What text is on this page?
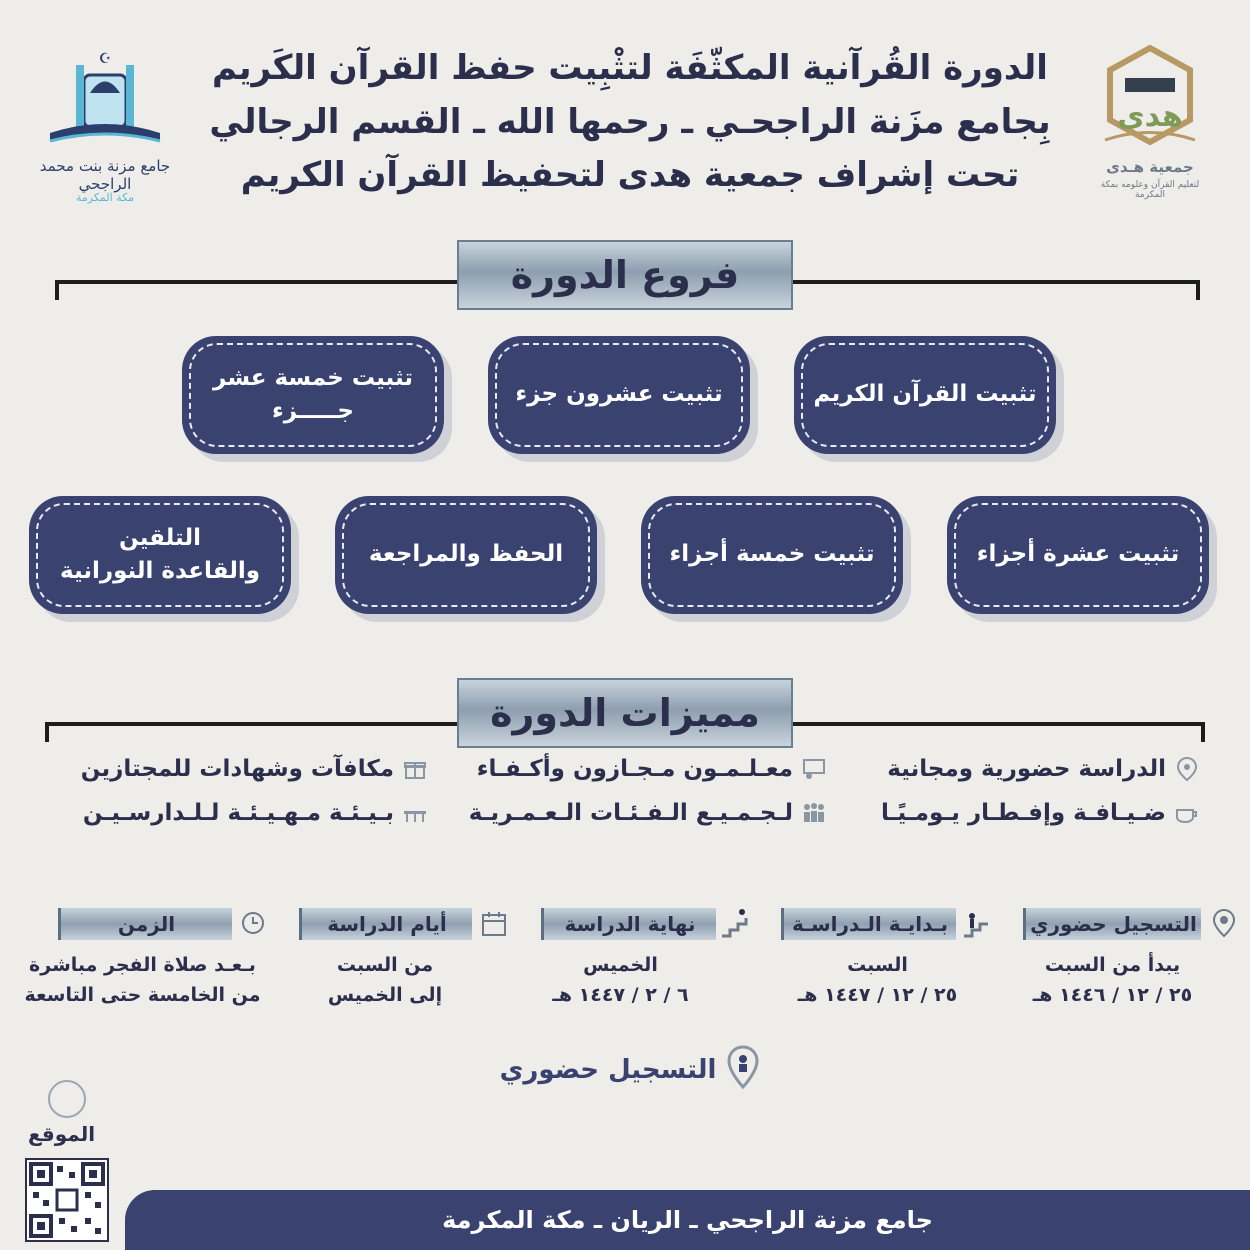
الدورة القُرآنية المكثّفَة لتثْبِيت حفظ القرآن الكَريم
بِجامع مزَنة الراجحـي ـ رحمها الله ـ القسم الرجالي
تحت إشراف جمعية هدى لتحفيظ القرآن الكريم
هدى
جمعية هـدى
لتعليم القرآن وعلومه بمكة المكرمة
☪
جامع مزنة بنت محمد الراجحي
مكة المكرمة
فروع الدورة
تثبيت القرآن الكريم
تثبيت عشرون جزء
تثبيت خمسة عشر
جـــــزء
تثبيت عشرة أجزاء
تثبيت خمسة أجزاء
الحفظ والمراجعة
التلقين
والقاعدة النورانية
مميزات الدورة
الدراسة حضورية ومجانية
معـلـمـون مـجـازون وأكـفـاء
مكافآت وشهادات للمجتازين
ضـيـافـة وإفـطـار يـومـيًـا
لـجـمـيـع الـفـئـات الـعـمـريـة
بـيـئـة مـهـيـئـة لـلـدارسـيـن
التسجيل حضوري
يبدأ من السبت
٢٥ / ١٢ / ١٤٤٦ هـ
بـدايـة الـدراسـة
السبت
٢٥ / ١٢ / ١٤٤٧ هـ
نهاية الدراسة
الخميس
٦ / ٢ / ١٤٤٧ هـ
أيام الدراسة
من السبت
إلى الخميس
الزمن
بـعـد صلاة الفجر مباشرة
من الخامسة حتى التاسعة
التسجيل حضوري
الموقع
جامع مزنة الراجحي ـ الريان ـ مكة المكرمة
